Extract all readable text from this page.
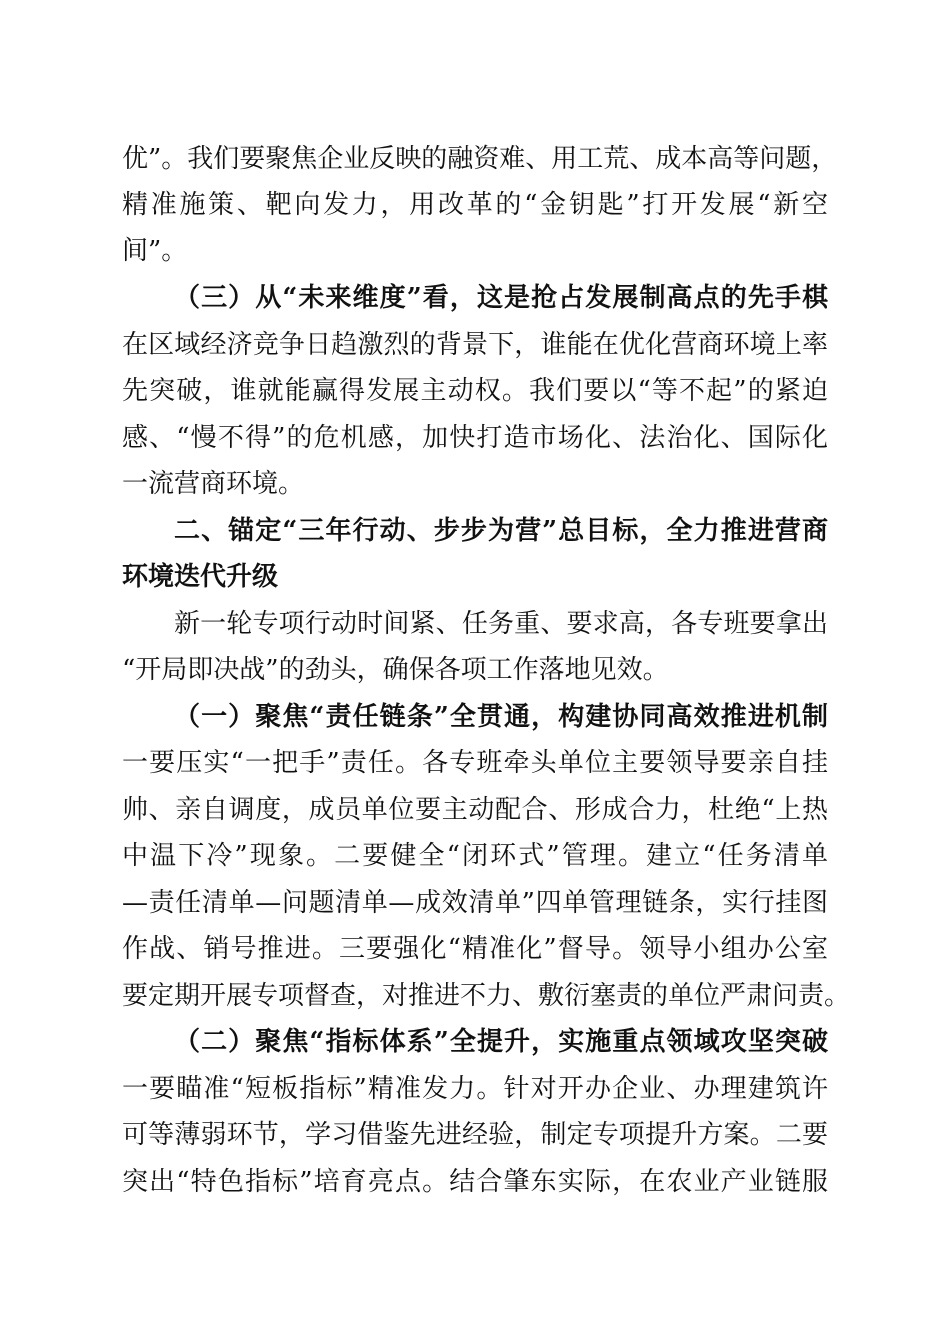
优”。我们要聚焦企业反映的融资难、用工荒、成本高等问题，
精准施策、靶向发力，用改革的“金钥匙”打开发展“新空
间”。
（三）从“未来维度”看，这是抢占发展制高点的先手棋
在区域经济竞争日趋激烈的背景下，谁能在优化营商环境上率
先突破，谁就能赢得发展主动权。我们要以“等不起”的紧迫
感、“慢不得”的危机感，加快打造市场化、法治化、国际化
一流营商环境。
二、锚定“三年行动、步步为营”总目标，全力推进营商
环境迭代升级
新一轮专项行动时间紧、任务重、要求高，各专班要拿出
“开局即决战”的劲头，确保各项工作落地见效。
（一）聚焦“责任链条”全贯通，构建协同高效推进机制
一要压实“一把手”责任。各专班牵头单位主要领导要亲自挂
帅、亲自调度，成员单位要主动配合、形成合力，杜绝“上热
中温下冷”现象。二要健全“闭环式”管理。建立“任务清单
—责任清单—问题清单—成效清单”四单管理链条，实行挂图
作战、销号推进。三要强化“精准化”督导。领导小组办公室
要定期开展专项督查，对推进不力、敷衍塞责的单位严肃问责。
（二）聚焦“指标体系”全提升，实施重点领域攻坚突破
一要瞄准“短板指标”精准发力。针对开办企业、办理建筑许
可等薄弱环节，学习借鉴先进经验，制定专项提升方案。二要
突出“特色指标”培育亮点。结合肇东实际，在农业产业链服
